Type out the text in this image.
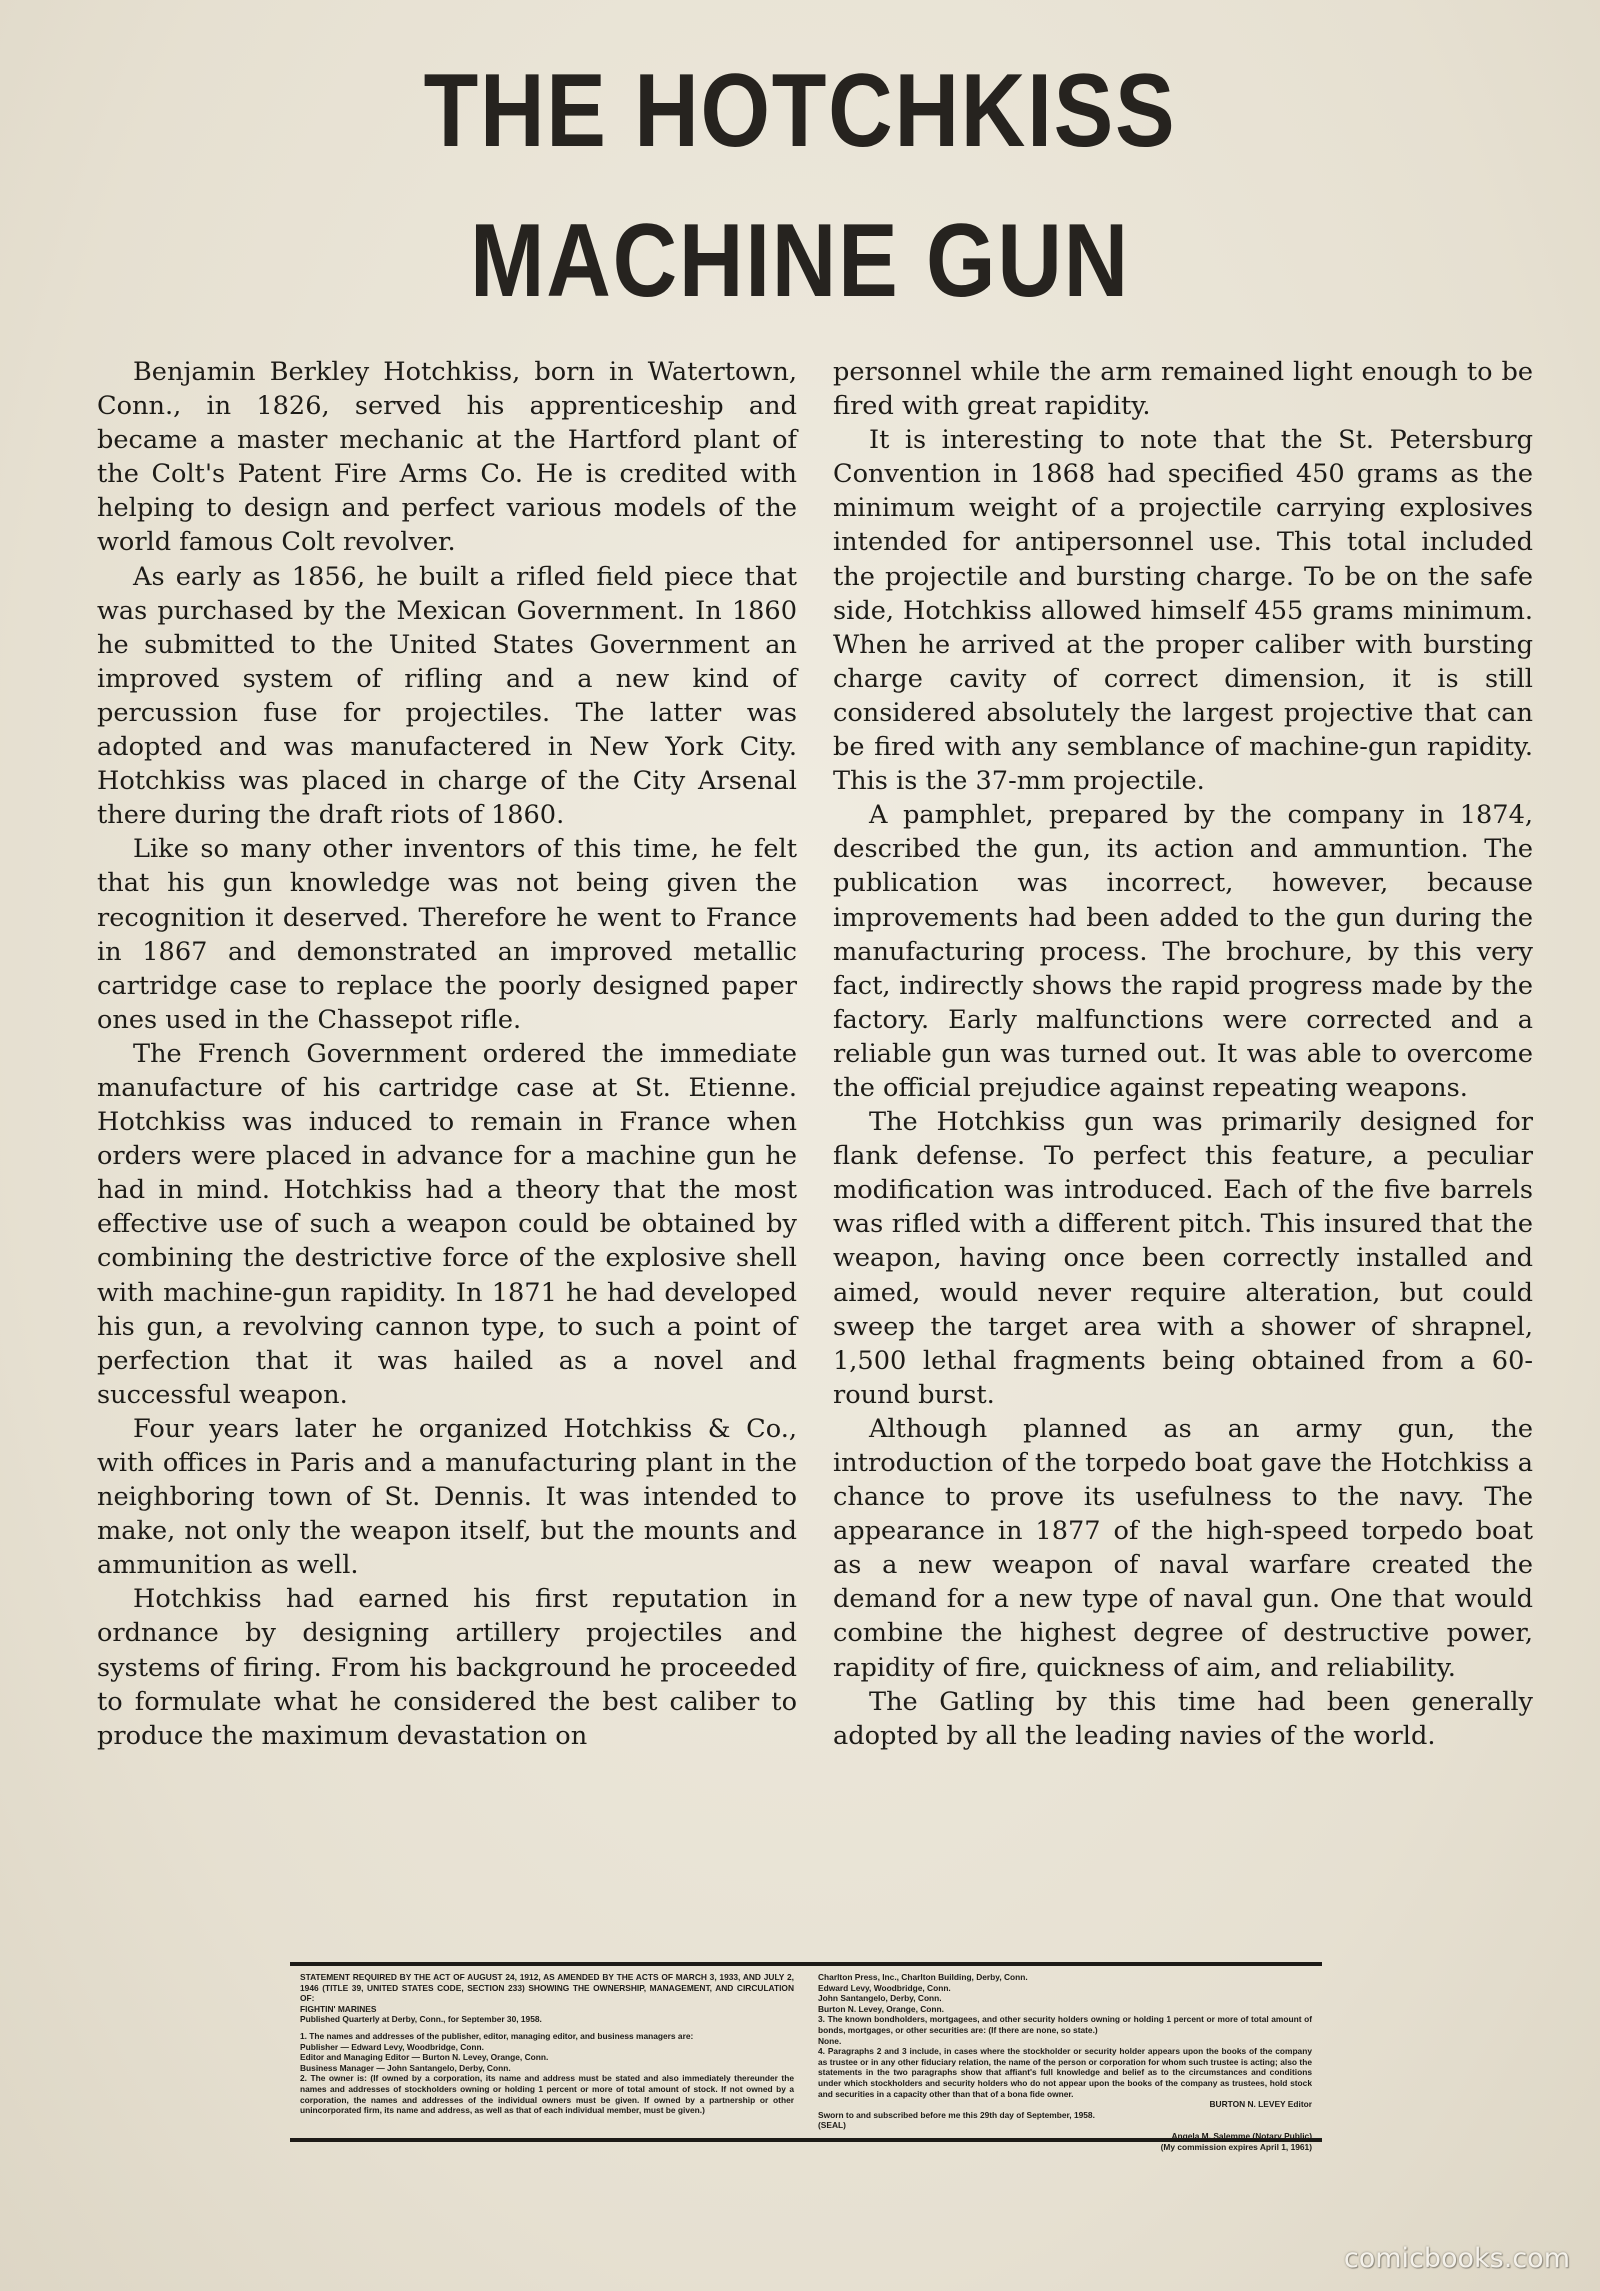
THE HOTCHKISS
MACHINE GUN

Benjamin Berkley Hotchkiss, born in Watertown, Conn., in 1826, served his apprenticeship and became a master mechanic at the Hartford plant of the Colt's Patent Fire Arms Co. He is credited with helping to design and perfect various models of the world famous Colt revolver.

As early as 1856, he built a rifled field piece that was purchased by the Mexican Government. In 1860 he submitted to the United States Government an improved system of rifling and a new kind of percussion fuse for projectiles. The latter was adopted and was manufactered in New York City. Hotchkiss was placed in charge of the City Arsenal there during the draft riots of 1860.

Like so many other inventors of this time, he felt that his gun knowledge was not being given the recognition it deserved. Therefore he went to France in 1867 and demonstrated an improved metallic cartridge case to replace the poorly designed paper ones used in the Chassepot rifle.

The French Government ordered the immediate manufacture of his cartridge case at St. Etienne. Hotchkiss was induced to remain in France when orders were placed in advance for a machine gun he had in mind. Hotchkiss had a theory that the most effective use of such a weapon could be obtained by combining the destrictive force of the explosive shell with machine-gun rapidity. In 1871 he had developed his gun, a revolving cannon type, to such a point of perfection that it was hailed as a novel and successful weapon.

Four years later he organized Hotchkiss & Co., with offices in Paris and a manufacturing plant in the neighboring town of St. Dennis. It was intended to make, not only the weapon itself, but the mounts and ammunition as well.

Hotchkiss had earned his first reputation in ordnance by designing artillery projectiles and systems of firing. From his background he proceeded to formulate what he considered the best caliber to produce the maximum devastation on

personnel while the arm remained light enough to be fired with great rapidity.

It is interesting to note that the St. Petersburg Convention in 1868 had specified 450 grams as the minimum weight of a projectile carrying explosives intended for antipersonnel use. This total included the projectile and bursting charge. To be on the safe side, Hotchkiss allowed himself 455 grams minimum. When he arrived at the proper caliber with bursting charge cavity of correct dimension, it is still considered absolutely the largest projective that can be fired with any semblance of machine-gun rapidity. This is the 37-mm projectile.

A pamphlet, prepared by the company in 1874, described the gun, its action and ammuntion. The publication was incorrect, however, because improvements had been added to the gun during the manufacturing process. The brochure, by this very fact, indirectly shows the rapid progress made by the factory. Early malfunctions were corrected and a reliable gun was turned out. It was able to overcome the official prejudice against repeating weapons.

The Hotchkiss gun was primarily designed for flank defense. To perfect this feature, a peculiar modification was introduced. Each of the five barrels was rifled with a different pitch. This insured that the weapon, having once been correctly installed and aimed, would never require alteration, but could sweep the target area with a shower of shrapnel, 1,500 lethal fragments being obtained from a 60-round burst.

Although planned as an army gun, the introduction of the torpedo boat gave the Hotchkiss a chance to prove its usefulness to the navy. The appearance in 1877 of the high-speed torpedo boat as a new weapon of naval warfare created the demand for a new type of naval gun. One that would combine the highest degree of destructive power, rapidity of fire, quickness of aim, and reliability.

The Gatling by this time had been generally adopted by all the leading navies of the world.

STATEMENT REQUIRED BY THE ACT OF AUGUST 24, 1912, AS AMENDED BY THE ACTS OF MARCH 3, 1933, AND JULY 2, 1946 (TITLE 39, UNITED STATES CODE, SECTION 233) SHOWING THE OWNERSHIP, MANAGEMENT, AND CIRCULATION OF:
FIGHTIN' MARINES
Published Quarterly at Derby, Conn., for September 30, 1958.
1. The names and addresses of the publisher, editor, managing editor, and business managers are:
Publisher — Edward Levy, Woodbridge, Conn.
Editor and Managing Editor — Burton N. Levey, Orange, Conn.
Business Manager — John Santangelo, Derby, Conn.
2. The owner is: (If owned by a corporation, its name and address must be stated and also immediately thereunder the names and addresses of stockholders owning or holding 1 percent or more of total amount of stock. If not owned by a corporation, the names and addresses of the individual owners must be given. If owned by a partnership or other unincorporated firm, its name and address, as well as that of each individual member, must be given.)
Charlton Press, Inc., Charlton Building, Derby, Conn.
Edward Levy, Woodbridge, Conn.
John Santangelo, Derby, Conn.
Burton N. Levey, Orange, Conn.
3. The known bondholders, mortgagees, and other security holders owning or holding 1 percent or more of total amount of bonds, mortgages, or other securities are: (If there are none, so state.)
None.
4. Paragraphs 2 and 3 include, in cases where the stockholder or security holder appears upon the books of the company as trustee or in any other fiduciary relation, the name of the person or corporation for whom such trustee is acting; also the statements in the two paragraphs show that affiant's full knowledge and belief as to the circumstances and conditions under which stockholders and security holders who do not appear upon the books of the company as trustees, hold stock and securities in a capacity other than that of a bona fide owner.
BURTON N. LEVEY Editor
Sworn to and subscribed before me this 29th day of September, 1958.
(SEAL)
Angela M. Salemme (Notary Public)
(My commission expires April 1, 1961)
comicbooks.com
